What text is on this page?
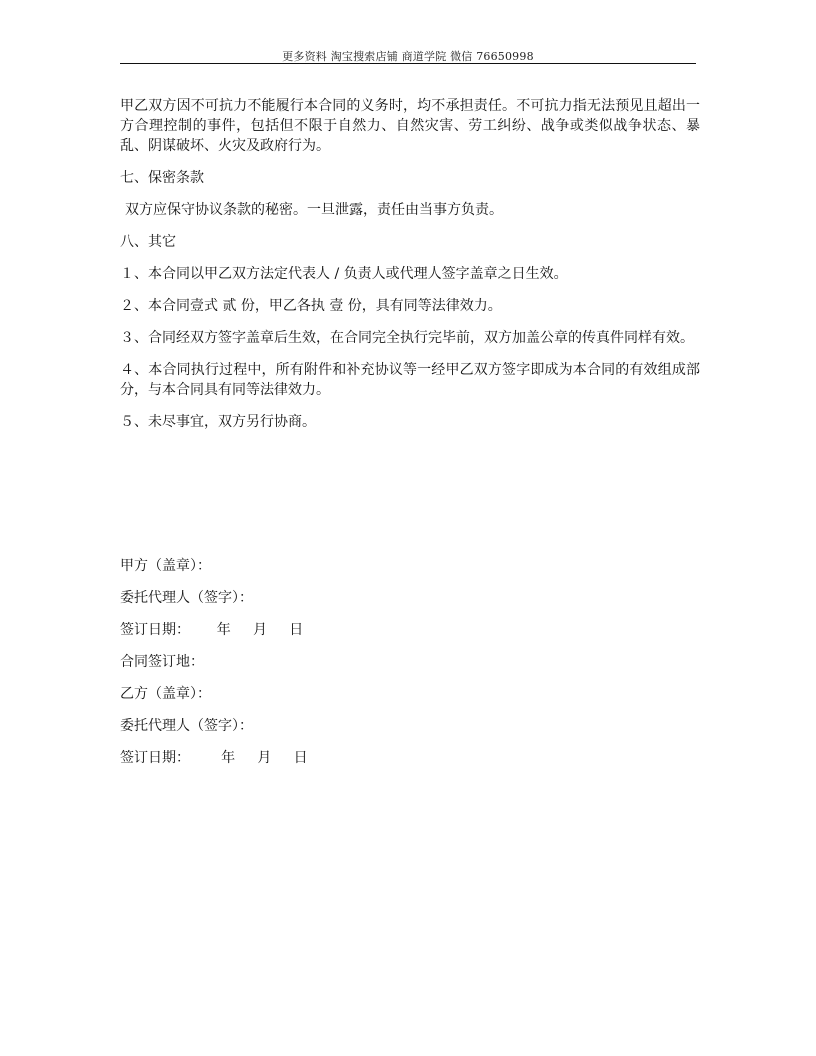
更多资料 淘宝搜索店铺 商道学院 微信 76650998

甲乙双方因不可抗力不能履行本合同的义务时，均不承担责任。不可抗力指无法预见且超出一方合理控制的事件，包括但不限于自然力、自然灾害、劳工纠纷、战争或类似战争状态、暴乱、阴谋破坏、火灾及政府行为。

七、保密条款

双方应保守协议条款的秘密。一旦泄露，责任由当事方负责。

八、其它

１、本合同以甲乙双方法定代表人 / 负责人或代理人签字盖章之日生效。

２、本合同壹式 贰 份，甲乙各执 壹 份，具有同等法律效力。

３、合同经双方签字盖章后生效，在合同完全执行完毕前，双方加盖公章的传真件同样有效。

４、本合同执行过程中，所有附件和补充协议等一经甲乙双方签字即成为本合同的有效组成部分，与本合同具有同等法律效力。

５、未尽事宜，双方另行协商。

甲方（盖章）：

委托代理人（签字）：

签订日期：      年     月     日

合同签订地：

乙方（盖章）：

委托代理人（签字）：

签订日期：       年     月     日
